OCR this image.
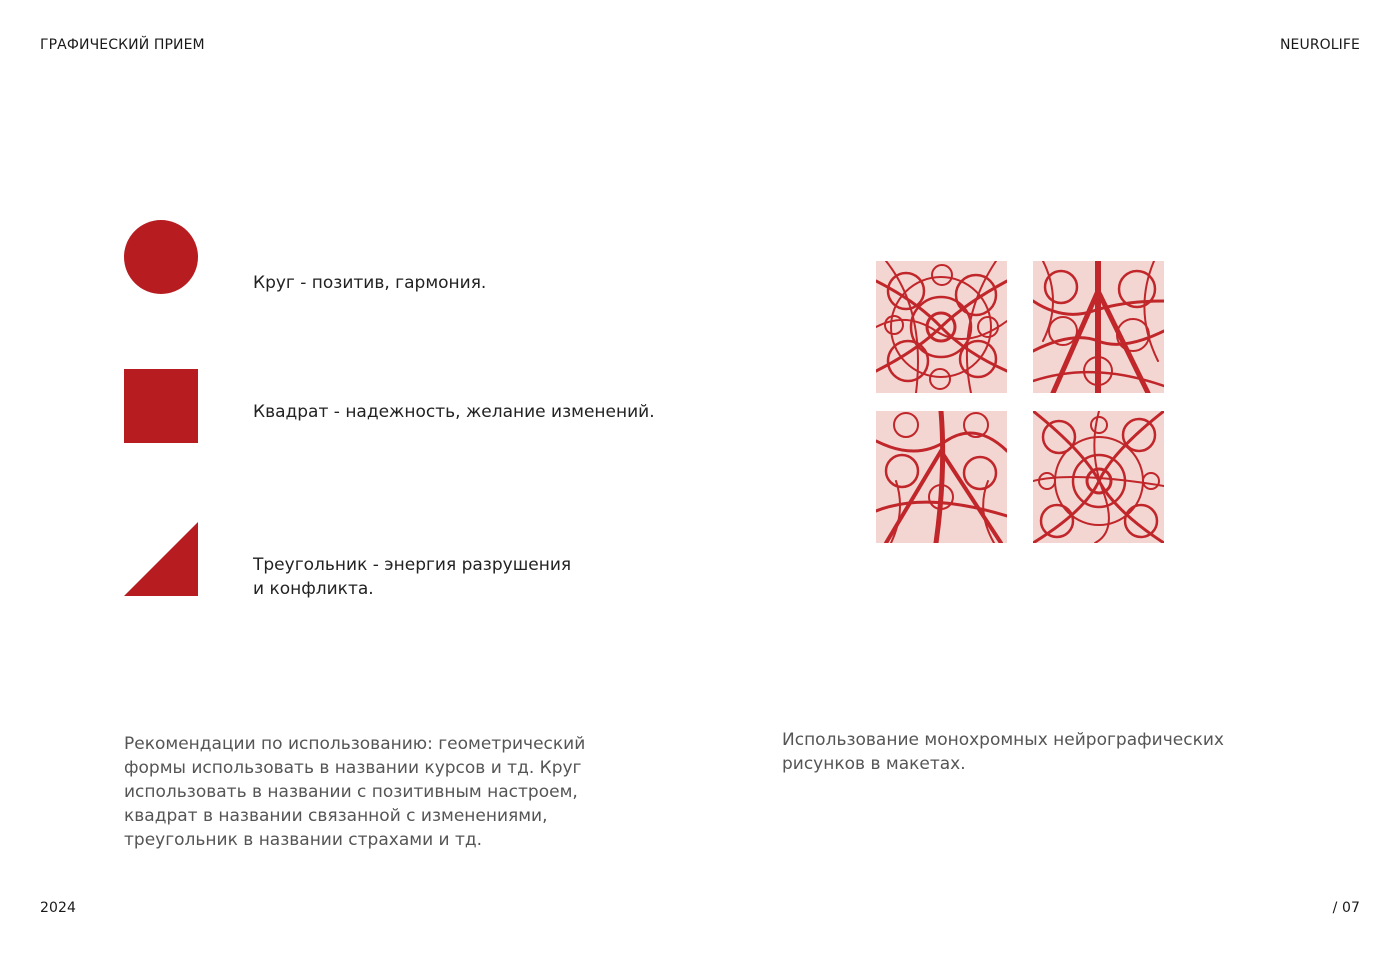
ГРАФИЧЕСКИЙ ПРИЕМ	NEUROLIFE
Круг - позитив, гармония.
Квадрат - надежность, желание изменений.
Треугольник - энергия разрушения
и конфликта.
Рекомендации по использованию: геометрический
формы использовать в названии курсов и тд. Круг
использовать в названии с позитивным настроем,
квадрат в названии связанной с изменениями,
треугольник в названии страхами и тд.
Использование монохромных нейрографических
рисунков в макетах.
2024	/ 07
